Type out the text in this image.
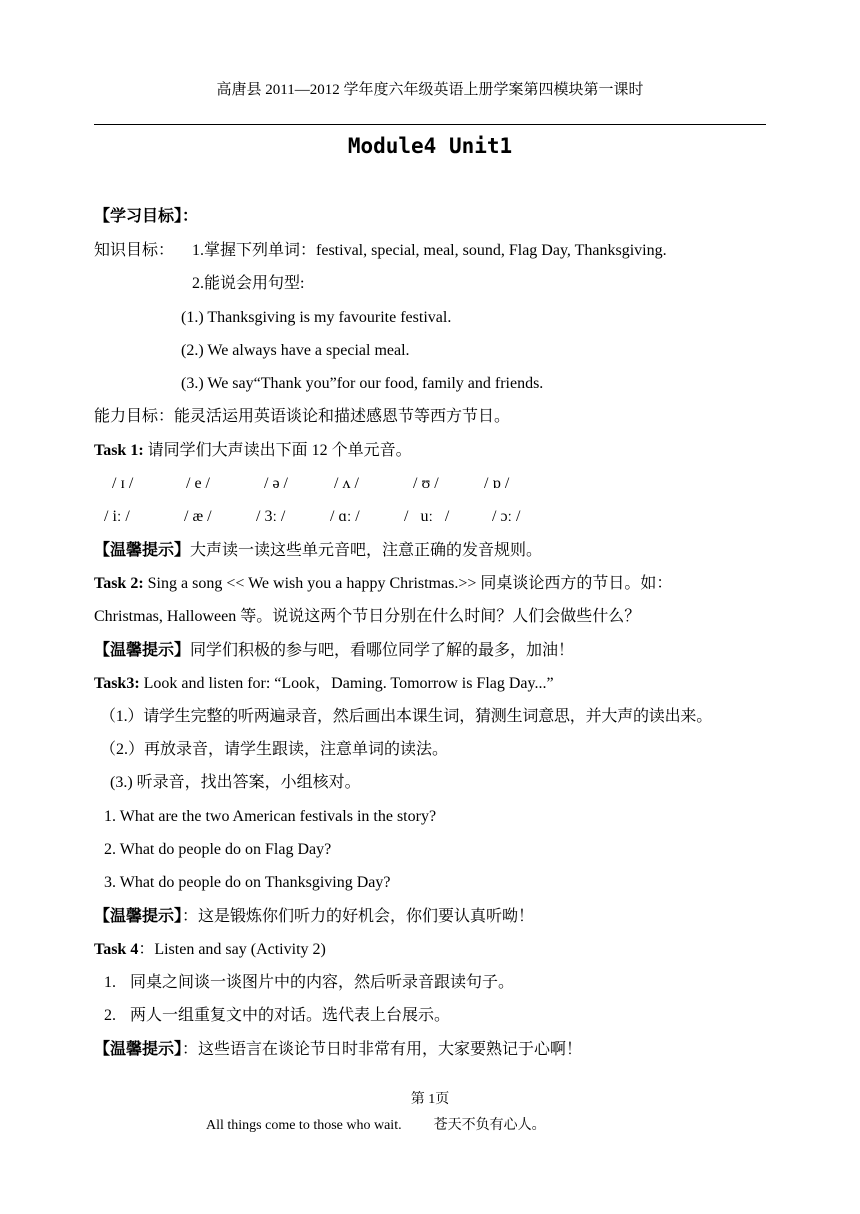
高唐县 2011—2012 学年度六年级英语上册学案第四模块第一课时
Module4 Unit1
【学习目标】：
知识目标： 1.掌握下列单词：festival, special, meal, sound, Flag Day, Thanksgiving.
2.能说会用句型:
(1.) Thanksgiving is my favourite festival.
(2.) We always have a special meal.
(3.) We say“Thank you”for our food, family and friends.
能力目标：能灵活运用英语谈论和描述感恩节等西方节日。
Task 1: 请同学们大声读出下面 12 个单元音。
/ ɪ /	/ e /	/ ə /	/ ʌ /	/ ʊ /	/ ɒ /
/ iː /	/ æ /	/ 3ː /	/ ɑː /	/ uː /	/ ɔː /
【温馨提示】大声读一读这些单元音吧，注意正确的发音规则。
Task 2: Sing a song << We wish you a happy Christmas.>> 同桌谈论西方的节日。如：
Christmas, Halloween 等。说说这两个节日分别在什么时间？人们会做些什么？
【温馨提示】同学们积极的参与吧，看哪位同学了解的最多，加油！
Task3: Look and listen for: “Look，Daming. Tomorrow is Flag Day...”
（1.）请学生完整的听两遍录音，然后画出本课生词，猜测生词意思，并大声的读出来。
（2.）再放录音，请学生跟读，注意单词的读法。
(3.) 听录音，找出答案，小组核对。
1. What are the two American festivals in the story?
2. What do people do on Flag Day?
3. What do people do on Thanksgiving Day?
【温馨提示】：这是锻炼你们听力的好机会，你们要认真听呦！
Task 4：Listen and say (Activity 2)
1. 同桌之间谈一谈图片中的内容，然后听录音跟读句子。
2. 两人一组重复文中的对话。选代表上台展示。
【温馨提示】：这些语言在谈论节日时非常有用，大家要熟记于心啊！
第 1页
All things come to those who wait. 苍天不负有心人。
